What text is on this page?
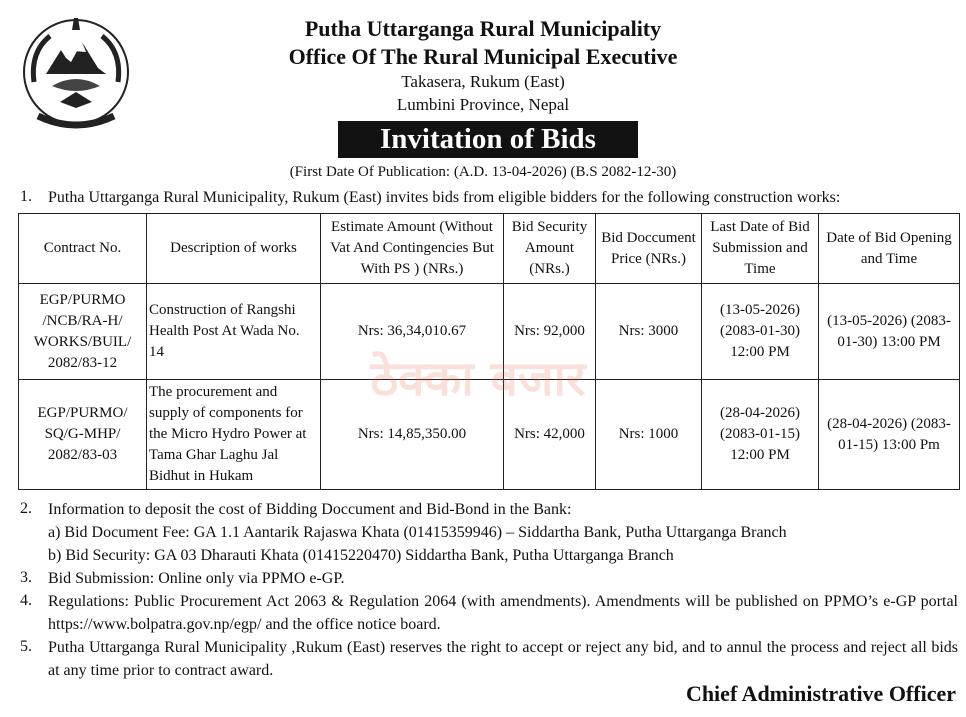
Putha Uttarganga Rural Municipality
Office Of The Rural Municipal Executive
Takasera, Rukum (East)
Lumbini Province, Nepal
Invitation of Bids
(First Date Of Publication: (A.D. 13-04-2026) (B.S 2082-12-30)
1. Putha Uttarganga Rural Municipality, Rukum (East) invites bids from eligible bidders for the following construction works:
Contract No.	Description of works	Estimate Amount (Without Vat And Contingencies But With PS ) (NRs.)	Bid Security Amount (NRs.)	Bid Doccument Price (NRs.)	Last Date of Bid Submission and Time	Date of Bid Opening and Time
EGP/PURMO /NCB/RA-H/ WORKS/BUIL/ 2082/83-12	Construction of Rangshi Health Post At Wada No. 14	Nrs: 36,34,010.67	Nrs: 92,000	Nrs: 3000	(13-05-2026) (2083-01-30) 12:00 PM	(13-05-2026) (2083-01-30) 13:00 PM
EGP/PURMO/ SQ/G-MHP/ 2082/83-03	The procurement and supply of components for the Micro Hydro Power at Tama Ghar Laghu Jal Bidhut in Hukam	Nrs: 14,85,350.00	Nrs: 42,000	Nrs: 1000	(28-04-2026) (2083-01-15) 12:00 PM	(28-04-2026) (2083-01-15) 13:00 Pm
ठेक्का बजार
2. Information to deposit the cost of Bidding Doccument and Bid-Bond in the Bank:
a) Bid Document Fee: GA 1.1 Aantarik Rajaswa Khata (01415359946) – Siddartha Bank, Putha Uttarganga Branch
b) Bid Security: GA 03 Dharauti Khata (01415220470) Siddartha Bank, Putha Uttarganga Branch
3. Bid Submission: Online only via PPMO e-GP.
4. Regulations: Public Procurement Act 2063 & Regulation 2064 (with amendments). Amendments will be published on PPMO’s e-GP portal https://www.bolpatra.gov.np/egp/ and the office notice board.
5. Putha Uttarganga Rural Municipality ,Rukum (East) reserves the right to accept or reject any bid, and to annul the process and reject all bids at any time prior to contract award.
Chief Administrative Officer
